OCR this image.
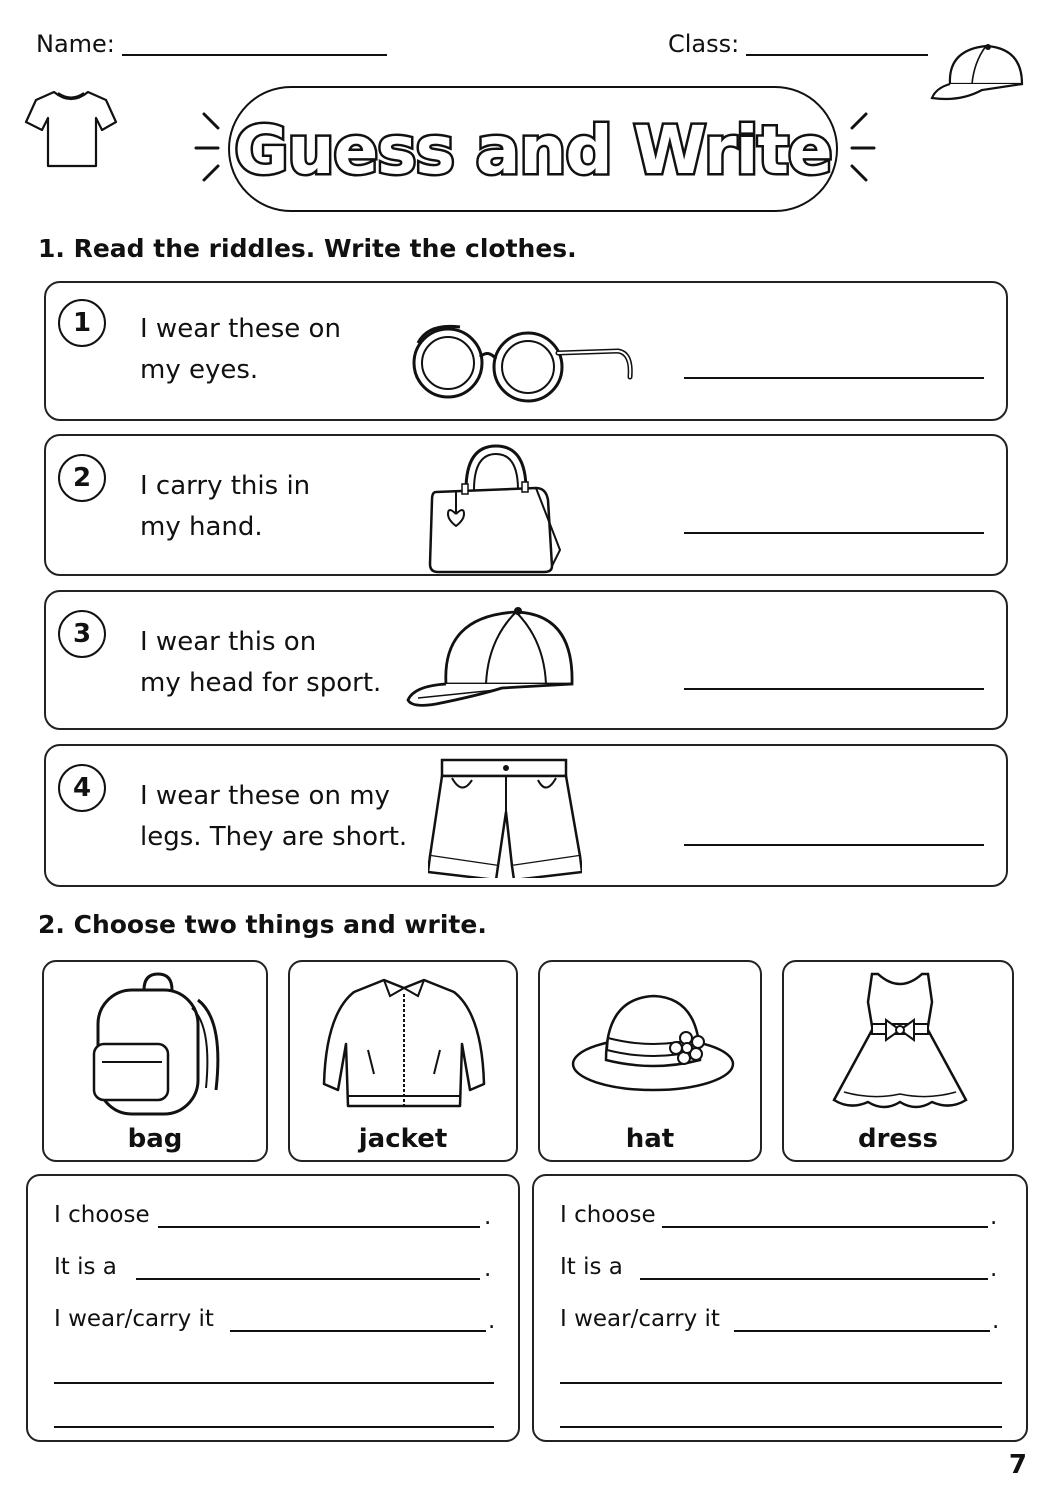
Name:	Class:
Guess and Write
1. Read the riddles. Write the clothes.
1	I wear these on
my eyes.
2	I carry this in
my hand.
3	I wear this on
my head for sport.
4	I wear these on my
legs. They are short.
2. Choose two things and write.
bag	jacket	hat	dress
I choose	.
It is a	.
I wear/carry it	.
I choose	.
It is a	.
I wear/carry it	.
7
